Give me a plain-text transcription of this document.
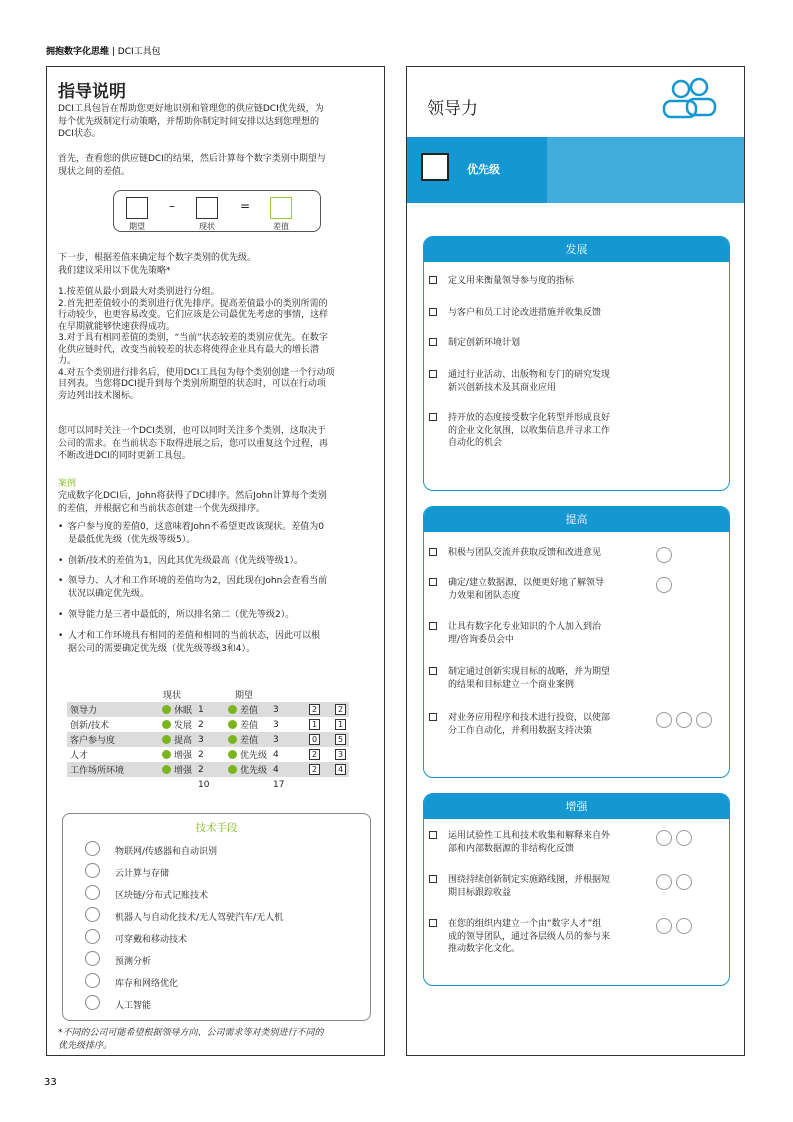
拥抱数字化思维 | DCI工具包
指导说明
DCI工具包旨在帮助您更好地识别和管理您的供应链DCI优先级，为
每个优先级制定行动策略，并帮助你制定时间安排以达到您理想的
DCI状态。
首先，查看您的供应链DCI的结果，然后计算每个数字类别中期望与
现状之间的差值。
期望
–
现状
=
差值
下一步，根据差值来确定每个数字类别的优先级。
我们建议采用以下优先策略*
1.按差值从最小到最大对类别进行分组。
2.首先把差值较小的类别进行优先排序。提高差值最小的类别所需的
行动较少，也更容易改变。它们应该是公司最优先考虑的事情，这样
在早期就能够快速获得成功。
3.对于具有相同差值的类别，“当前”状态较差的类别应优先。在数字
化供应链时代，改变当前较差的状态将使得企业具有最大的增长潜
力。
4.对五个类别进行排名后，使用DCI工具包为每个类别创建一个行动项
目列表。当您将DCI提升到每个类别所期望的状态时，可以在行动项
旁边列出技术图标。
您可以同时关注一个DCI类别，也可以同时关注多个类别，这取决于
公司的需求。在当前状态下取得进展之后，您可以重复这个过程，再
不断改进DCI的同时更新工具包。
案例
完成数字化DCI后，John将获得了DCI排序。然后John计算每个类别
的差值，并根据它和当前状态创建一个优先级排序。
• 客户参与度的差值0，这意味着John不希望更改该现状。差值为0
是最低优先级（优先级等级5）。
• 创新/技术的差值为1，因此其优先级最高（优先级等级1）。
• 领导力、人才和工作环境的差值均为2，因此现在John会查看当前
状况以确定优先级。
• 领导能力是三者中最低的，所以排名第二（优先等级2）。
• 人才和工作环境具有相同的差值和相同的当前状态，因此可以根
据公司的需要确定优先级（优先级等级3和4）。
	现状		期望			
领导力	休眠	1	差值	3	2	2
创新/技术	发展	2	差值	3	1	1
客户参与度	提高	3	差值	3	0	5
人才	增强	2	优先级	4	2	3
工作场所环境	增强	2	优先级	4	2	4
		10		17		
技术手段
物联网/传感器和自动识别
云计算与存储
区块链/分布式记账技术
机器人与自动化技术/无人驾驶汽车/无人机
可穿戴和移动技术
预测分析
库存和网络优化
人工智能
*不同的公司可能希望根据领导方向、公司需求等对类别进行不同的
优先级排序。
领导力
优先级
发展
定义用来衡量领导参与度的指标
与客户和员工讨论改进措施并收集反馈
制定创新环境计划
通过行业活动、出版物和专门的研究发现
新兴创新技术及其商业应用
持开放的态度接受数字化转型并形成良好
的企业文化氛围，以收集信息并寻求工作
自动化的机会
提高
积极与团队交流并获取反馈和改进意见
确定/建立数据源，以便更好地了解领导
力效果和团队态度
让具有数字化专业知识的个人加入到治
理/咨询委员会中
制定通过创新实现目标的战略，并为期望
的结果和目标建立一个商业案例
对业务应用程序和技术进行投资，以使部
分工作自动化，并利用数据支持决策
增强
运用试验性工具和技术收集和解释来自外
部和内部数据源的非结构化反馈
围绕持续创新制定实施路线图，并根据短
期目标跟踪收益
在您的组织内建立一个由“数字人才”组
成的领导团队，通过各层级人员的参与来
推动数字化文化。
33
